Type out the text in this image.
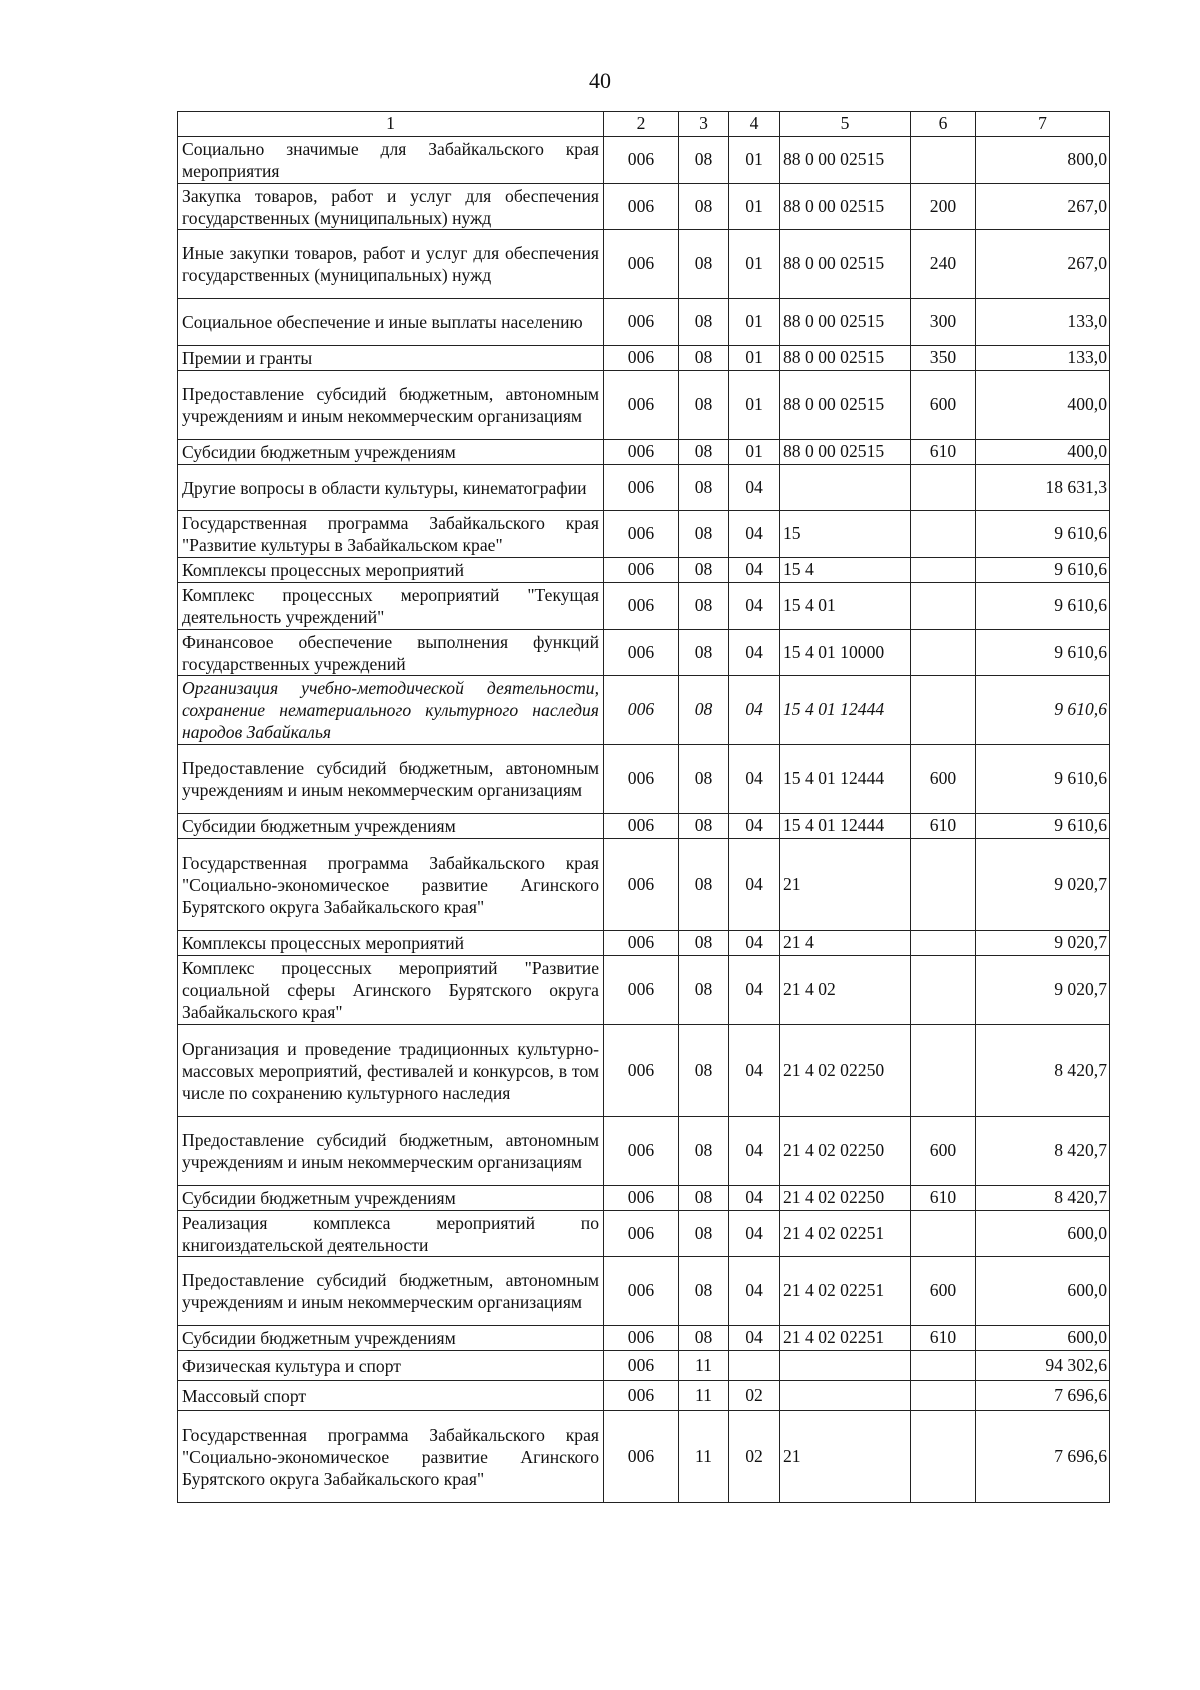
40
1	2	3	4	5	6	7
Социально значимые для Забайкальского края мероприятия	006	08	01	88 0 00 02515		800,0
Закупка товаров, работ и услуг для обеспечения государственных (муниципальных) нужд	006	08	01	88 0 00 02515	200	267,0
Иные закупки товаров, работ и услуг для обеспечения государственных (муниципальных) нужд	006	08	01	88 0 00 02515	240	267,0
Социальное обеспечение и иные выплаты населению	006	08	01	88 0 00 02515	300	133,0
Премии и гранты	006	08	01	88 0 00 02515	350	133,0
Предоставление субсидий бюджетным, автономным учреждениям и иным некоммерческим организациям	006	08	01	88 0 00 02515	600	400,0
Субсидии бюджетным учреждениям	006	08	01	88 0 00 02515	610	400,0
Другие вопросы в области культуры, кинематографии	006	08	04			18 631,3
Государственная программа Забайкальского края "Развитие культуры в Забайкальском крае"	006	08	04	15		9 610,6
Комплексы процессных мероприятий	006	08	04	15 4		9 610,6
Комплекс процессных мероприятий "Текущая деятельность учреждений"	006	08	04	15 4 01		9 610,6
Финансовое обеспечение выполнения функций государственных учреждений	006	08	04	15 4 01 10000		9 610,6
Организация учебно-методической деятельности, сохранение нематериального культурного наследия народов Забайкалья	006	08	04	15 4 01 12444		9 610,6
Предоставление субсидий бюджетным, автономным учреждениям и иным некоммерческим организациям	006	08	04	15 4 01 12444	600	9 610,6
Субсидии бюджетным учреждениям	006	08	04	15 4 01 12444	610	9 610,6
Государственная программа Забайкальского края "Социально-экономическое развитие Агинского Бурятского округа Забайкальского края"	006	08	04	21		9 020,7
Комплексы процессных мероприятий	006	08	04	21 4		9 020,7
Комплекс процессных мероприятий "Развитие социальной сферы Агинского Бурятского округа Забайкальского края"	006	08	04	21 4 02		9 020,7
Организация и проведение традиционных культурно-массовых мероприятий, фестивалей и конкурсов, в том числе по сохранению культурного наследия	006	08	04	21 4 02 02250		8 420,7
Предоставление субсидий бюджетным, автономным учреждениям и иным некоммерческим организациям	006	08	04	21 4 02 02250	600	8 420,7
Субсидии бюджетным учреждениям	006	08	04	21 4 02 02250	610	8 420,7
Реализация комплекса мероприятий по книгоиздательской деятельности	006	08	04	21 4 02 02251		600,0
Предоставление субсидий бюджетным, автономным учреждениям и иным некоммерческим организациям	006	08	04	21 4 02 02251	600	600,0
Субсидии бюджетным учреждениям	006	08	04	21 4 02 02251	610	600,0
Физическая культура и спорт	006	11				94 302,6
Массовый спорт	006	11	02			7 696,6
Государственная программа Забайкальского края "Социально-экономическое развитие Агинского Бурятского округа Забайкальского края"	006	11	02	21		7 696,6
